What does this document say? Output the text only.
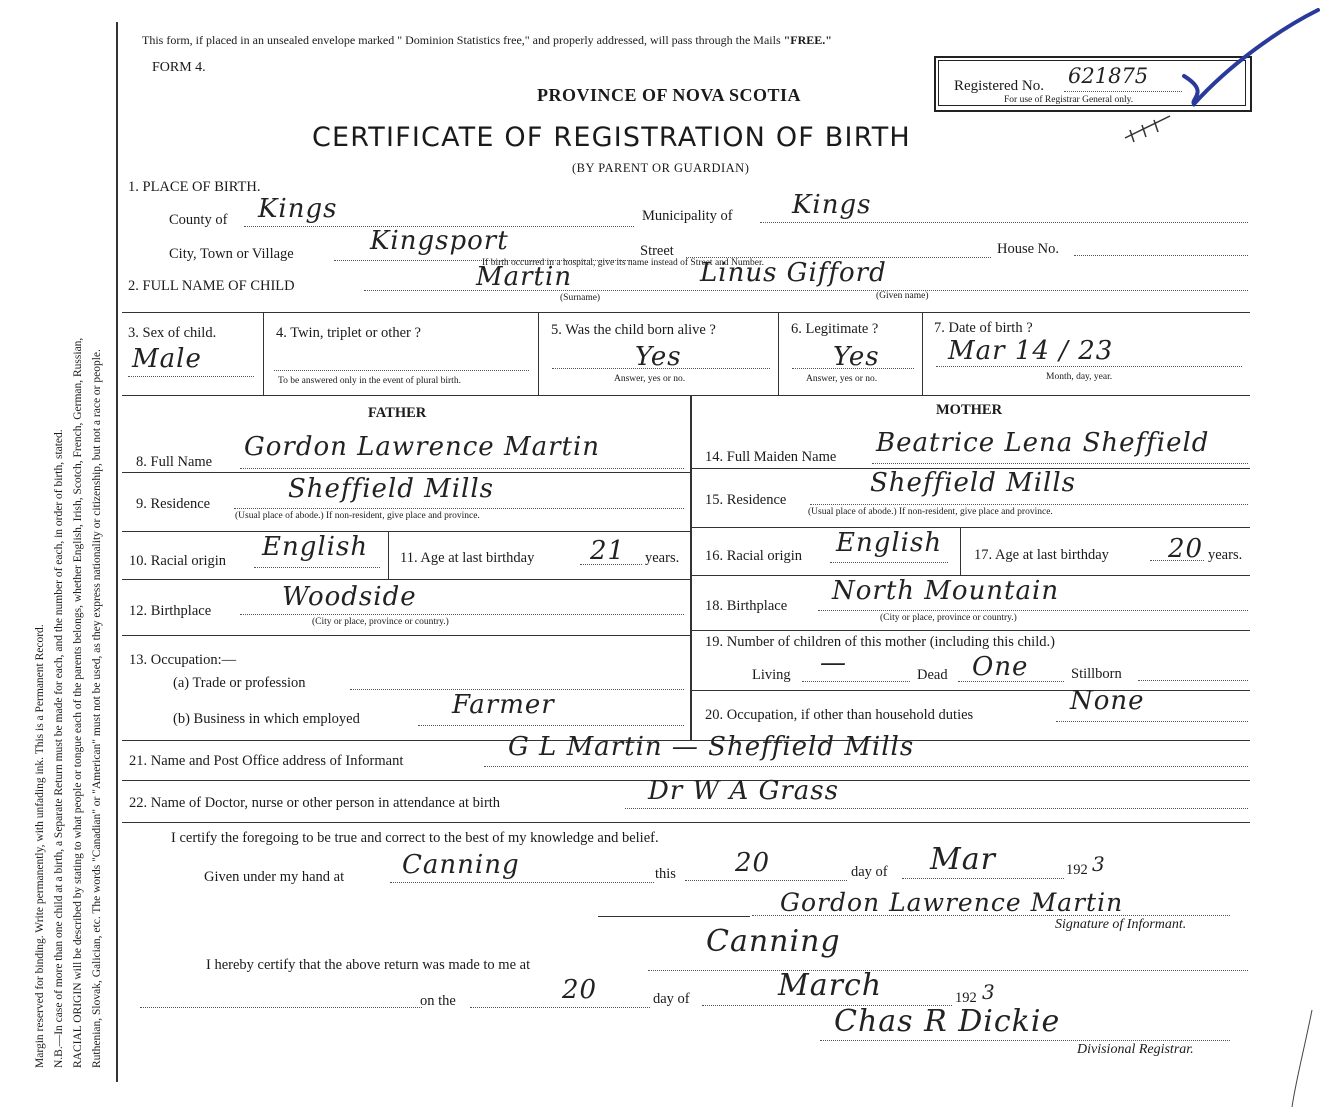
Margin reserved for binding. Write permanently, with unfading ink. This is a Permanent Record. N.B.—In case of more than one child at a birth, a Separate Return must be made for each, and the number of each, in order of birth, stated. RACIAL ORIGIN will be described by stating to what people or tongue each of the parents belongs, whether English, Irish, Scotch, French, German, Russian, Ruthenian, Slovak, Galician, etc. The words "Canadian" or "American" must not be used, as they express nationality or citizenship, but not a race or people.
This form, if placed in an unsealed envelope marked " Dominion Statistics free," and properly addressed, will pass through the Mails "FREE."
FORM 4.
PROVINCE OF NOVA SCOTIA
CERTIFICATE OF REGISTRATION OF BIRTH
(BY PARENT OR GUARDIAN)
Registered No. 621875
For use of Registrar General only.
1. PLACE OF BIRTH.
County of Kings	Municipality of Kings
City, Town or Village	Kingsport	Street	House No.
If birth occurred in a hospital, give its name instead of Street and Number.
2. FULL NAME OF CHILD	Martin	Linus Gifford
(Surname)	(Given name)
3. Sex of child.
Male
4. Twin, triplet or other ?
To be answered only in the event of plural birth.
5. Was the child born alive ?
Yes
Answer, yes or no.
6. Legitimate ?
Yes
Answer, yes or no.
7. Date of birth ?
Mar 14 / 23
Month, day, year.
FATHER	MOTHER
8. Full Name Gordon Lawrence Martin
9. Residence	Sheffield Mills
(Usual place of abode.) If non-resident, give place and province.
10. Racial origin English 11. Age at last birthday 21 years.
12. Birthplace	Woodside
(City or place, province or country.)
13. Occupation:—
(a) Trade or profession
(b) Business in which employed	Farmer
14. Full Maiden Name Beatrice Lena Sheffield
15. Residence
Sheffield Mills
(Usual place of abode.) If non-resident, give place and province.
16. Racial origin English 17. Age at last birthday 20 years.
18. Birthplace North Mountain
(City or place, province or country.)
19. Number of children of this mother (including this child.)
Living —	Dead One	Stillborn
20. Occupation, if other than household duties	None
21. Name and Post Office address of Informant	G L Martin — Sheffield Mills
22. Name of Doctor, nurse or other person in attendance at birth	Dr W A Grass
I certify the foregoing to be true and correct to the best of my knowledge and belief.
Given under my hand at Canning	this 20	day of Mar	192 3
Gordon Lawrence Martin
Signature of Informant.
Canning
I hereby certify that the above return was made to me at
on the	20	day of	March	192 3
Chas R Dickie
Divisional Registrar.
